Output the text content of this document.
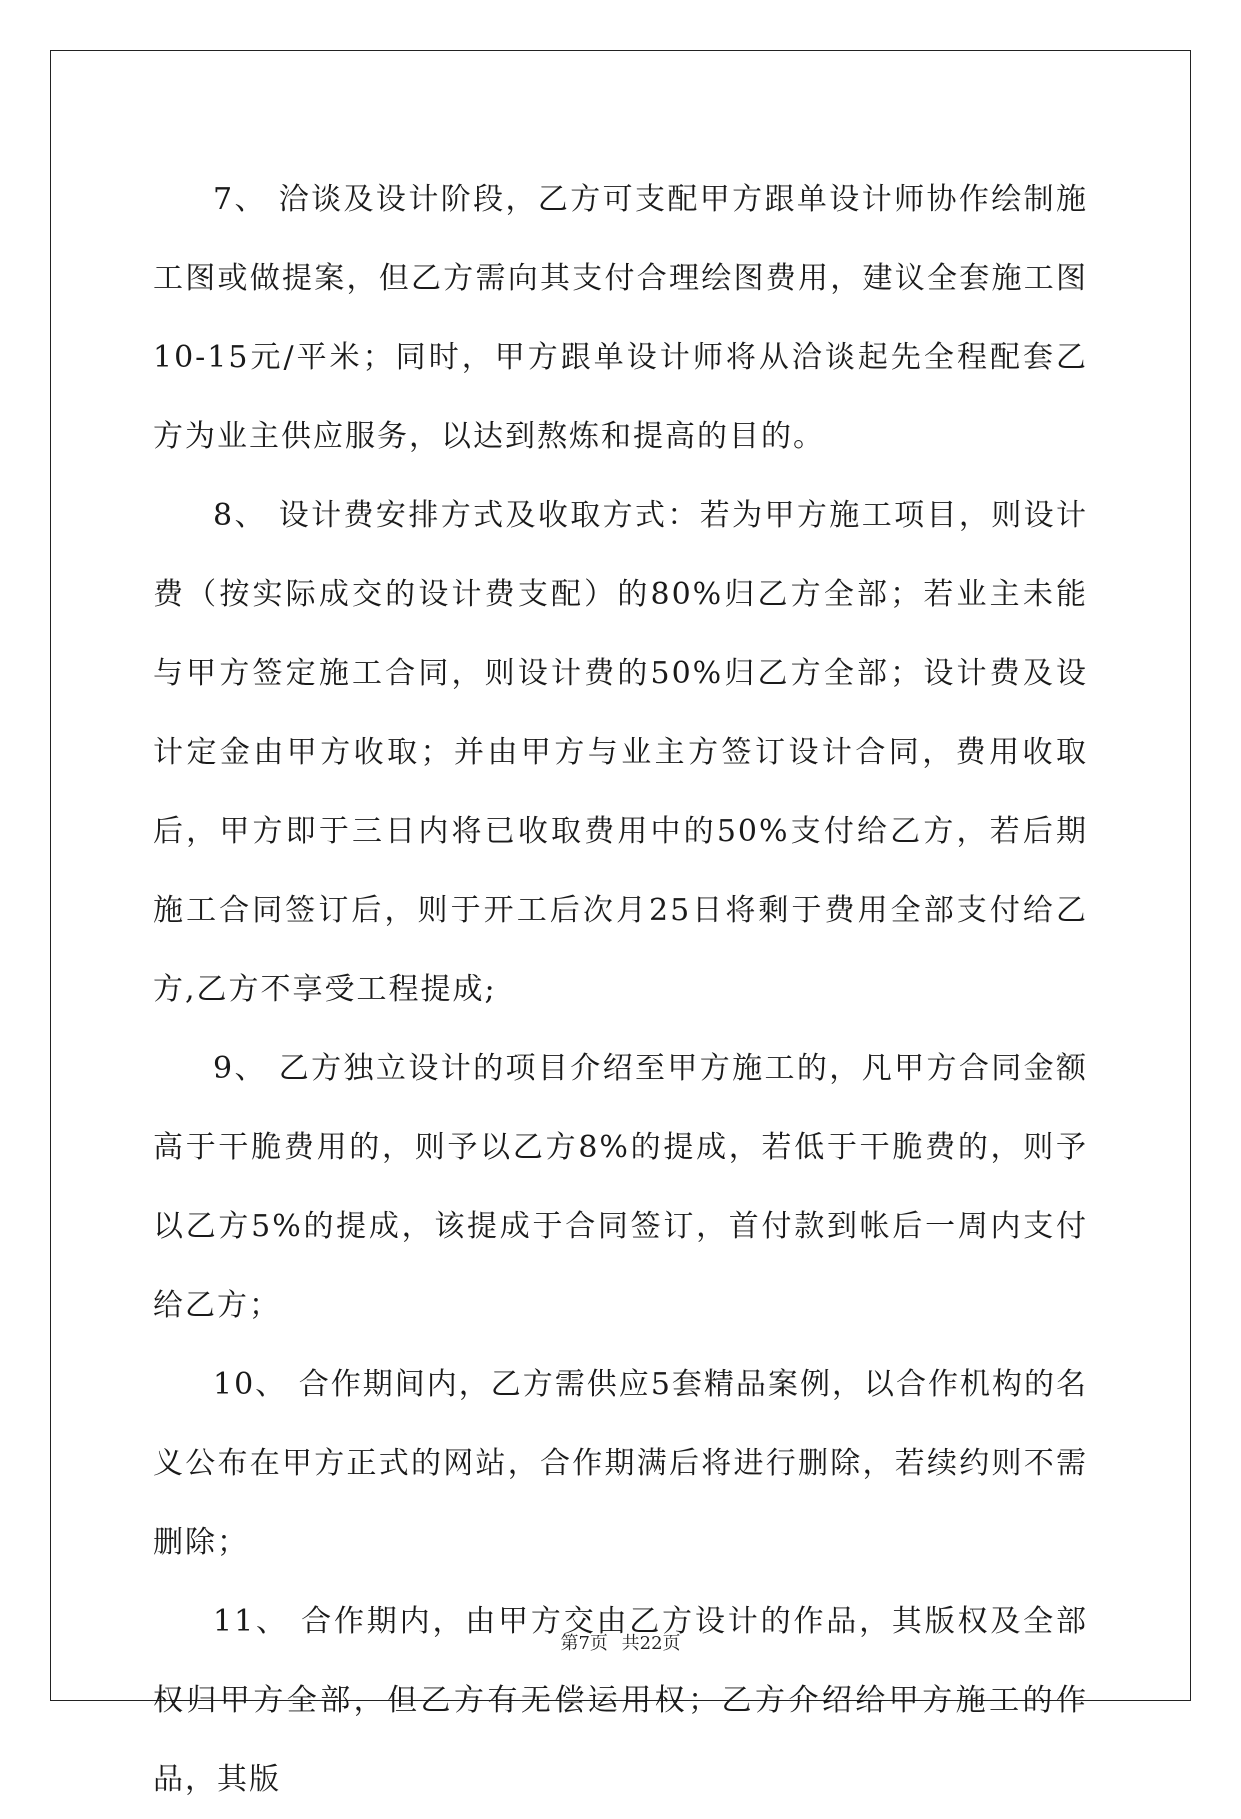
7、 洽谈及设计阶段，乙方可支配甲方跟单设计师协作绘制施工图或做提案，但乙方需向其支付合理绘图费用，建议全套施工图10-15元/平米；同时，甲方跟单设计师将从洽谈起先全程配套乙方为业主供应服务，以达到熬炼和提高的目的。

8、 设计费安排方式及收取方式：若为甲方施工项目，则设计费（按实际成交的设计费支配）的80%归乙方全部；若业主未能与甲方签定施工合同，则设计费的50%归乙方全部；设计费及设计定金由甲方收取；并由甲方与业主方签订设计合同，费用收取后，甲方即于三日内将已收取费用中的50%支付给乙方，若后期施工合同签订后，则于开工后次月25日将剩于费用全部支付给乙方,乙方不享受工程提成;

9、 乙方独立设计的项目介绍至甲方施工的，凡甲方合同金额高于干脆费用的，则予以乙方8%的提成，若低于干脆费的，则予以乙方5%的提成，该提成于合同签订，首付款到帐后一周内支付给乙方；

10、 合作期间内，乙方需供应5套精品案例，以合作机构的名义公布在甲方正式的网站，合作期满后将进行删除，若续约则不需删除；

11、 合作期内，由甲方交由乙方设计的作品，其版权及全部权归甲方全部，但乙方有无偿运用权；乙方介绍给甲方施工的作品，其版

第7页 共22页
